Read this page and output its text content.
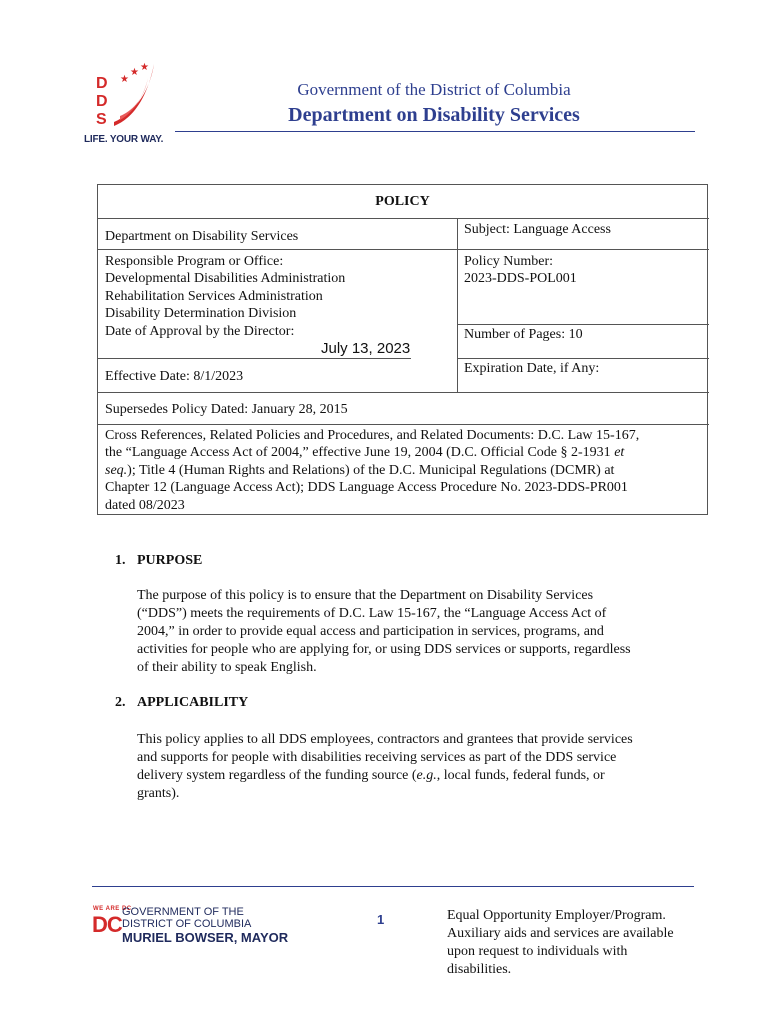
D
D
S
★
★ ★
LIFE. YOUR WAY.
Government of the District of Columbia
Department on Disability Services
POLICY
Department on Disability Services	Subject: Language Access
Responsible Program or Office:
Developmental Disabilities Administration
Rehabilitation Services Administration
Disability Determination Division
Date of Approval by the Director:
July 13, 2023
Policy Number:
2023-DDS-POL001
Number of Pages: 10
Effective Date: 8/1/2023
Expiration Date, if Any:
Supersedes Policy Dated: January 28, 2015
Cross References, Related Policies and Procedures, and Related Documents: D.C. Law 15-167,
the “Language Access Act of 2004,” effective June 19, 2004 (D.C. Official Code § 2-1931 et
seq.); Title 4 (Human Rights and Relations) of the D.C. Municipal Regulations (DCMR) at
Chapter 12 (Language Access Act); DDS Language Access Procedure No. 2023-DDS-PR001
dated 08/2023
1. PURPOSE
The purpose of this policy is to ensure that the Department on Disability Services
(“DDS”) meets the requirements of D.C. Law 15-167, the “Language Access Act of
2004,” in order to provide equal access and participation in services, programs, and
activities for people who are applying for, or using DDS services or supports, regardless
of their ability to speak English.
2. APPLICABILITY
This policy applies to all DDS employees, contractors and grantees that provide services
and supports for people with disabilities receiving services as part of the DDS service
delivery system regardless of the funding source (e.g., local funds, federal funds, or
grants).
WE ARE DC
DC GOVERNMENT OF THE
DISTRICT OF COLUMBIA
MURIEL BOWSER, MAYOR
1	Equal Opportunity Employer/Program.
Auxiliary aids and services are available
upon request to individuals with
disabilities.
